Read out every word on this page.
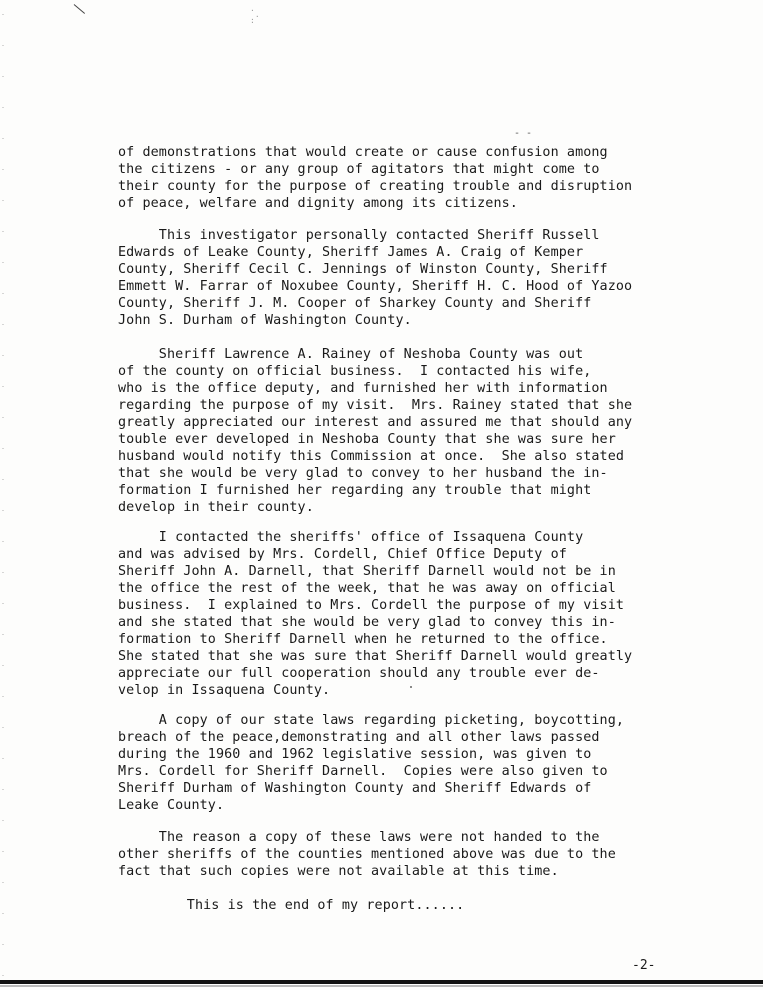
.
.
:
- -
of demonstrations that would create or cause confusion among
the citizens - or any group of agitators that might come to
their county for the purpose of creating trouble and disruption
of peace, welfare and dignity among its citizens.
This investigator personally contacted Sheriff Russell
Edwards of Leake County, Sheriff James A. Craig of Kemper
County, Sheriff Cecil C. Jennings of Winston County, Sheriff
Emmett W. Farrar of Noxubee County, Sheriff H. C. Hood of Yazoo
County, Sheriff J. M. Cooper of Sharkey County and Sheriff
John S. Durham of Washington County.
Sheriff Lawrence A. Rainey of Neshoba County was out
of the county on official business.  I contacted his wife,
who is the office deputy, and furnished her with information
regarding the purpose of my visit.  Mrs. Rainey stated that she
greatly appreciated our interest and assured me that should any
touble ever developed in Neshoba County that she was sure her
husband would notify this Commission at once.  She also stated
that she would be very glad to convey to her husband the in-
formation I furnished her regarding any trouble that might
develop in their county.
I contacted the sheriffs' office of Issaquena County
and was advised by Mrs. Cordell, Chief Office Deputy of
Sheriff John A. Darnell, that Sheriff Darnell would not be in
the office the rest of the week, that he was away on official
business.  I explained to Mrs. Cordell the purpose of my visit
and she stated that she would be very glad to convey this in-
formation to Sheriff Darnell when he returned to the office.
She stated that she was sure that Sheriff Darnell would greatly
appreciate our full cooperation should any trouble ever de-
velop in Issaquena County.
A copy of our state laws regarding picketing, boycotting,
breach of the peace,demonstrating and all other laws passed
during the 1960 and 1962 legislative session, was given to
Mrs. Cordell for Sheriff Darnell.  Copies were also given to
Sheriff Durham of Washington County and Sheriff Edwards of
Leake County.
The reason a copy of these laws were not handed to the
other sheriffs of the counties mentioned above was due to the
fact that such copies were not available at this time.
This is the end of my report......
-2-
